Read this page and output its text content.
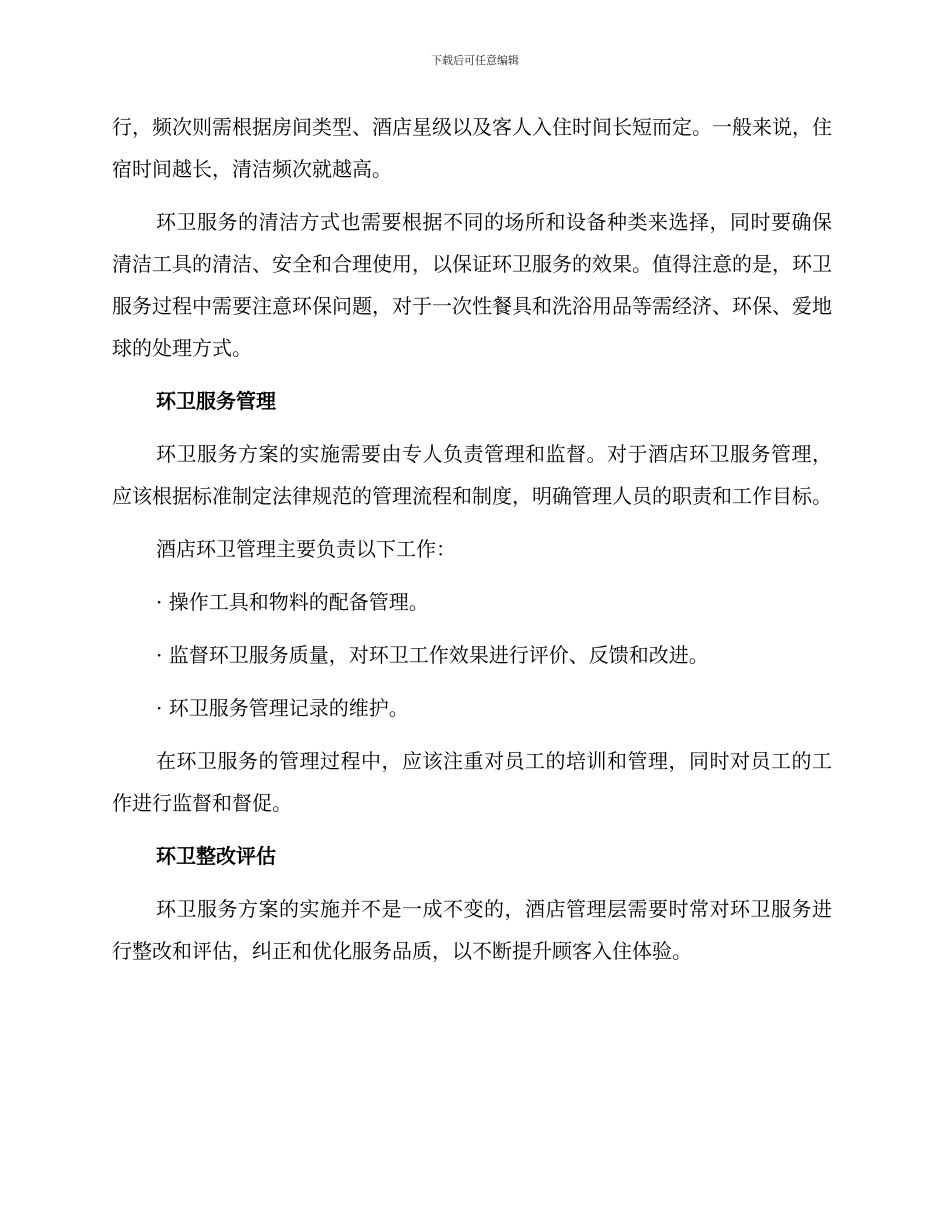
下载后可任意编辑

行，频次则需根据房间类型、酒店星级以及客人入住时间长短而定。一般来说，住宿时间越长，清洁频次就越高。

环卫服务的清洁方式也需要根据不同的场所和设备种类来选择，同时要确保清洁工具的清洁、安全和合理使用，以保证环卫服务的效果。值得注意的是，环卫服务过程中需要注意环保问题，对于一次性餐具和洗浴用品等需经济、环保、爱地球的处理方式。

环卫服务管理

环卫服务方案的实施需要由专人负责管理和监督。对于酒店环卫服务管理，应该根据标准制定法律规范的管理流程和制度，明确管理人员的职责和工作目标。

酒店环卫管理主要负责以下工作：

· 操作工具和物料的配备管理。
· 监督环卫服务质量，对环卫工作效果进行评价、反馈和改进。
· 环卫服务管理记录的维护。

在环卫服务的管理过程中，应该注重对员工的培训和管理，同时对员工的工作进行监督和督促。

环卫整改评估

环卫服务方案的实施并不是一成不变的，酒店管理层需要时常对环卫服务进行整改和评估，纠正和优化服务品质，以不断提升顾客入住体验。
